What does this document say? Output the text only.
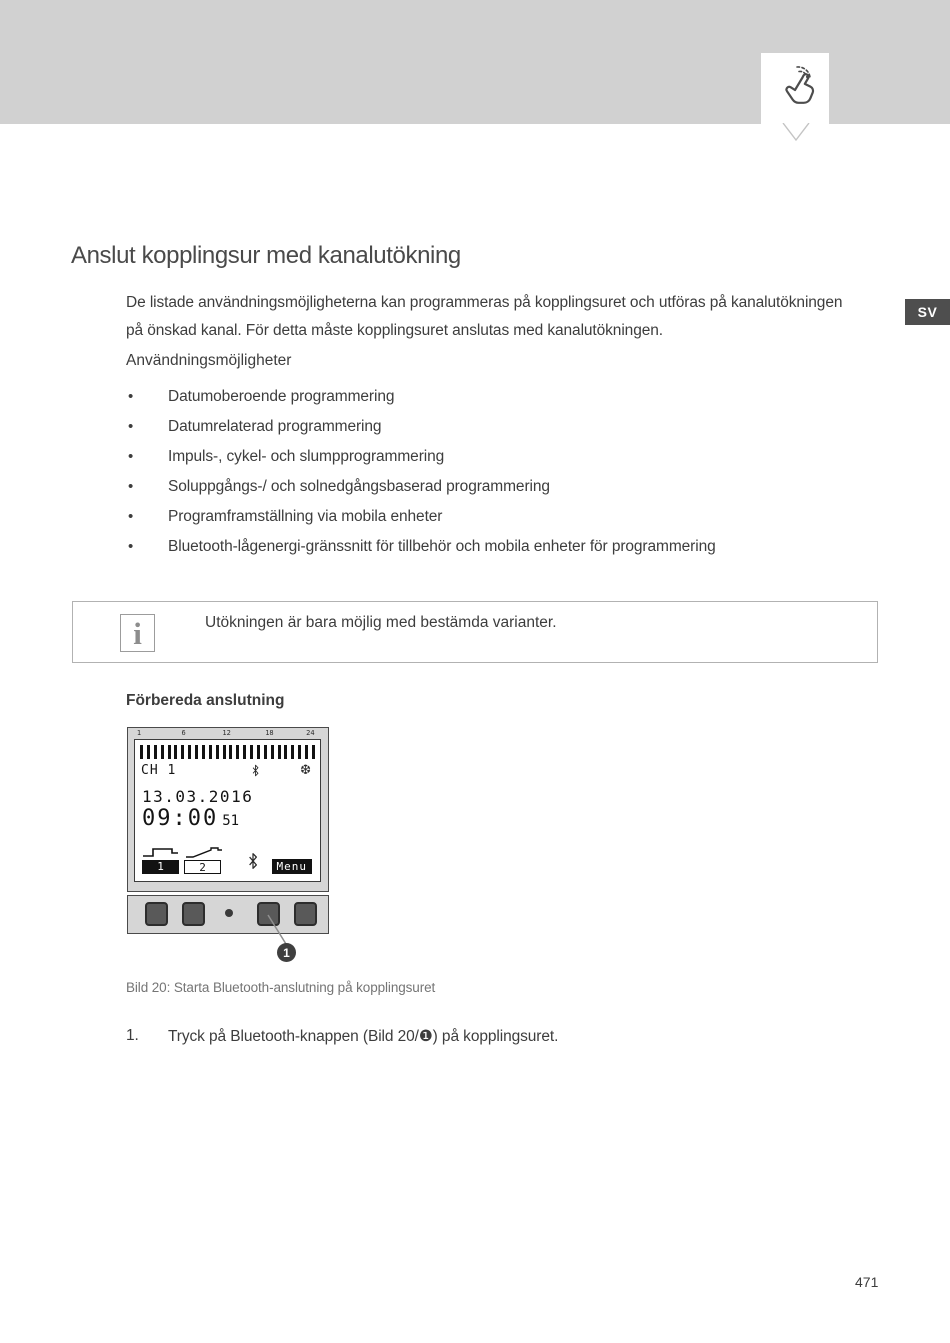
SV
Anslut kopplingsur med kanalutökning
De listade användningsmöjligheterna kan programmeras på kopplingsuret och utföras på kanalutökningen
på önskad kanal. För detta måste kopplingsuret anslutas med kanalutökningen.
Användningsmöjligheter
• Datumoberoende programmering
• Datumrelaterad programmering
• Impuls-, cykel- och slumpprogrammering
• Soluppgångs-/ och solnedgångsbaserad programmering
• Programframställning via mobila enheter
• Bluetooth-lågenergi-gränssnitt för tillbehör och mobila enheter för programmering
i	Utökningen är bara möjlig med bestämda varianter.
Förbereda anslutning
1	6	12	18	24
CH 1	❆
13.03.2016
09:00 51
1	2	Menu
1
Bild 20: Starta Bluetooth-anslutning på kopplingsuret
1. Tryck på Bluetooth-knappen (Bild 20/❶) på kopplingsuret.
471
